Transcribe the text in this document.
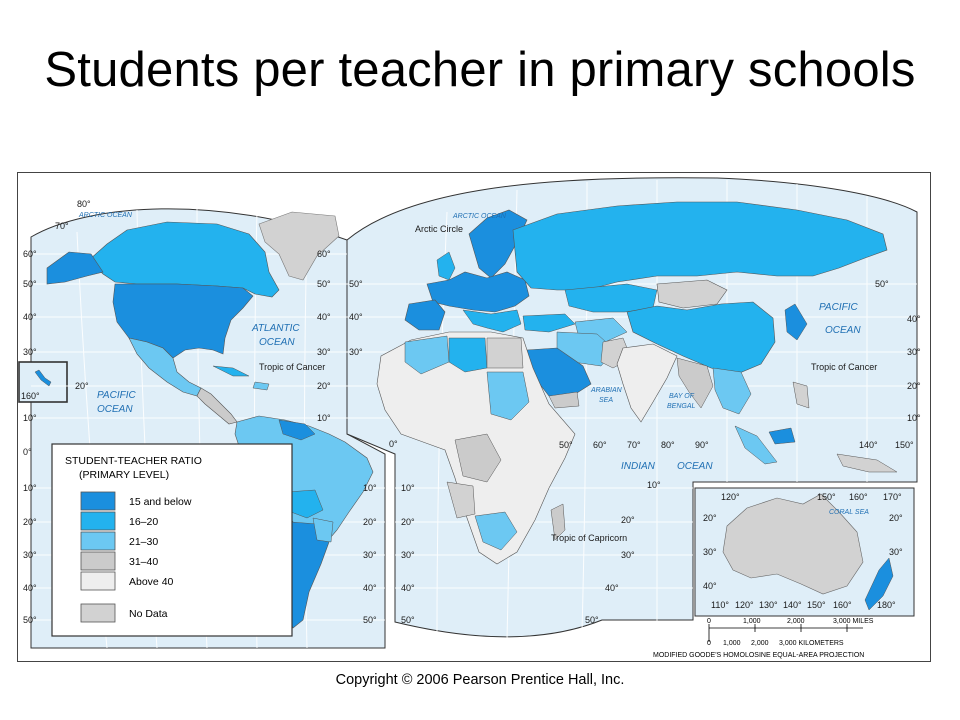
Students per teacher in primary schools
ARCTIC OCEAN	ARCTIC OCEAN
ATLANTIC
OCEAN
PACIFIC
OCEAN
PACIFIC
OCEAN
INDIAN OCEAN
ARABIAN
SEA
BAY OF
BENGAL
CORAL SEA
Arctic Circle
Tropic of Cancer	Tropic of Cancer
Tropic of Capricorn
60°
50°
40°
30°
20°
10°
0°
10°
20°
30°
40°
50°
160°
80°
70°
60°
50°
40°
30°
20°
10°
10°
20°
30°
40°
50°
50°
40°
30°
0°
10°
20°
30°
40°
50°
50°
40°
30°
20°
10°
10°
20°
30°
40°
50°
50° 60° 70° 80° 90°	140° 150°
120°	150° 160° 170°
20°
30°
40°
20°
30°
110° 120° 130° 140° 150° 160°	180°
STUDENT-TEACHER RATIO
(PRIMARY LEVEL)
15 and below
16–20
21–30
31–40
Above 40
No Data
0	1,000	2,000	3,000 MILES
0 1,000 2,000 3,000 KILOMETERS
MODIFIED GOODE'S HOMOLOSINE EQUAL-AREA PROJECTION
Copyright © 2006 Pearson Prentice Hall, Inc.
